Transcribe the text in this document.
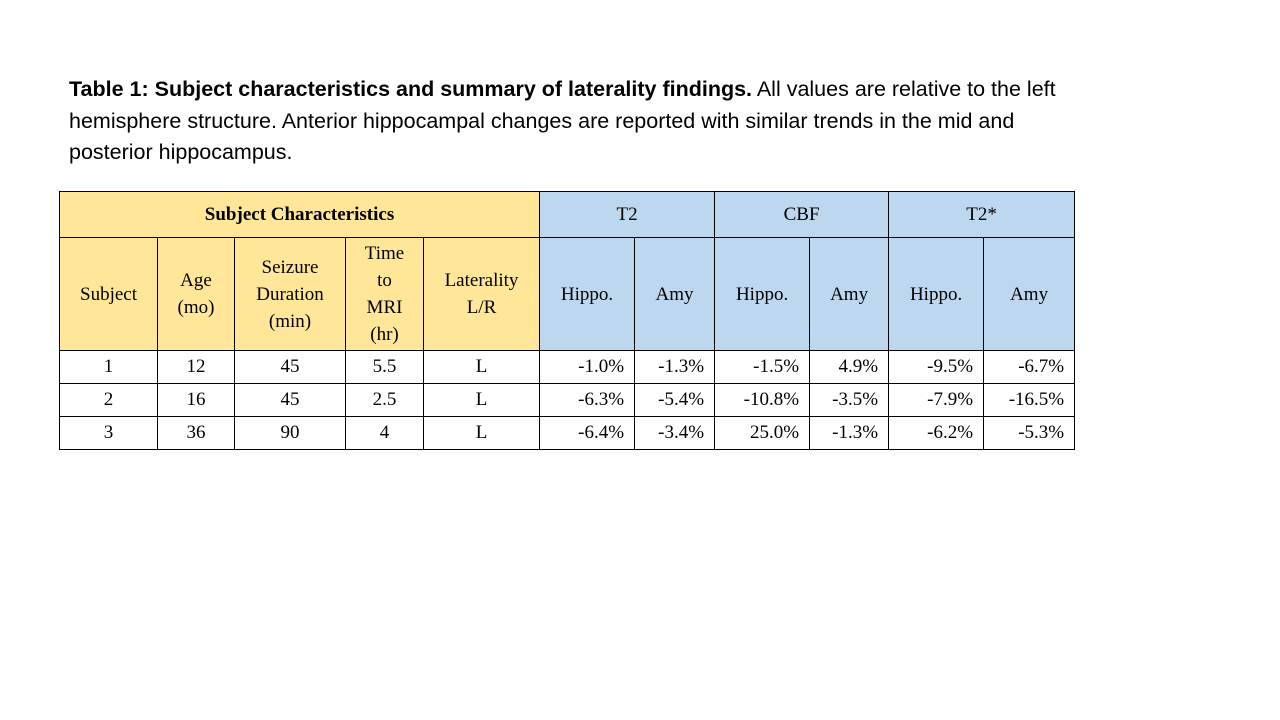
Table 1: Subject characteristics and summary of laterality findings. All values are relative to the left hemisphere structure. Anterior hippocampal changes are reported with similar trends in the mid and posterior hippocampus.

Subject Characteristics					T2		CBF		T2*	
Subject	Age (mo)	Seizure Duration (min)	Time to MRI (hr)	Laterality L/R	Hippo.	Amy	Hippo.	Amy	Hippo.	Amy
1	12	45	5.5	L	-1.0%	-1.3%	-1.5%	4.9%	-9.5%	-6.7%
2	16	45	2.5	L	-6.3%	-5.4%	-10.8%	-3.5%	-7.9%	-16.5%
3	36	90	4	L	-6.4%	-3.4%	25.0%	-1.3%	-6.2%	-5.3%
